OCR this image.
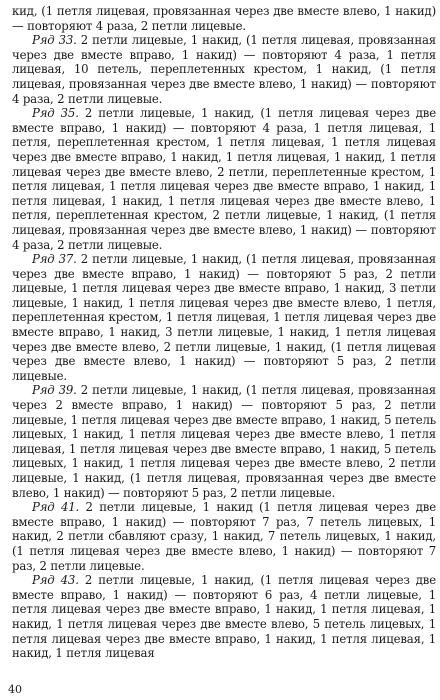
кид, (1 петля лицевая, провязанная через две вместе влево, 1 накид) — повторяют 4 раза, 2 петли лицевые.

Ряд 33. 2 петли лицевые, 1 накид, (1 петля лицевая, провязанная через две вместе вправо, 1 накид) — повторяют 4 раза, 1 петля лицевая, 10 петель, переплетенных крестом, 1 накид, (1 петля лицевая, провязанная через две вместе влево, 1 накид) — повторяют 4 раза, 2 петли лицевые.

Ряд 35. 2 петли лицевые, 1 накид, (1 петля лицевая через две вместе вправо, 1 накид) — повторяют 4 раза, 1 петля лицевая, 1 петля, переплетенная крестом, 1 петля лицевая, 1 петля лицевая через две вместе вправо, 1 накид, 1 петля лицевая, 1 накид, 1 петля лицевая через две вместе влево, 2 петли, переплетенные крестом, 1 петля лицевая, 1 петля лицевая через две вместе вправо, 1 накид, 1 петля лицевая, 1 накид, 1 петля лицевая через две вместе влево, 1 петля, переплетенная крестом, 2 петли лицевые, 1 накид, (1 петля лицевая, провязанная через две вместе влево, 1 накид) — повторяют 4 раза, 2 петли лицевые.

Ряд 37. 2 петли лицевые, 1 накид, (1 петля лицевая, провязанная через две вместе вправо, 1 накид) — повторяют 5 раз, 2 петли лицевые, 1 петля лицевая через две вместе вправо, 1 накид, 3 петли лицевые, 1 накид, 1 петля лицевая через две вместе влево, 1 петля, переплетенная крестом, 1 петля лицевая, 1 петля лицевая через две вместе вправо, 1 накид, 3 петли лицевые, 1 накид, 1 петля лицевая через две вместе влево, 2 петли лицевые, 1 накид, (1 петля лицевая через две вместе влево, 1 накид) — повторяют 5 раз, 2 петли лицевые.

Ряд 39. 2 петли лицевые, 1 накид, (1 петля лицевая, провязанная через 2 вместе вправо, 1 накид) — повторяют 5 раз, 2 петли лицевые, 1 петля лицевая через две вместе вправо, 1 накид, 5 петель лицевых, 1 накид, 1 петля лицевая через две вместе влево, 1 петля лицевая, 1 петля лицевая через две вместе вправо, 1 накид, 5 петель лицевых, 1 накид, 1 петля лицевая через две вместе влево, 2 петли лицевые, 1 накид, (1 петля лицевая, провязанная через две вместе влево, 1 накид) — повторяют 5 раз, 2 петли лицевые.

Ряд 41. 2 петли лицевые, 1 накид (1 петля лицевая через две вместе вправо, 1 накид) — повторяют 7 раз, 7 петель лицевых, 1 накид, 2 петли сбавляют сразу, 1 накид, 7 петель лицевых, 1 накид, (1 петля лицевая через две вместе влево, 1 накид) — повторяют 7 раз, 2 петли лицевые.

Ряд 43. 2 петли лицевые, 1 накид, (1 петля лицевая через две вместе вправо, 1 накид) — повторяют 6 раз, 4 петли лицевые, 1 петля лицевая через две вместе вправо, 1 накид, 1 петля лицевая, 1 накид, 1 петля лицевая через две вместе влево, 5 петель лицевых, 1 петля лицевая через две вместе вправо, 1 накид, 1 петля лицевая, 1 накид, 1 петля лицевая

40
